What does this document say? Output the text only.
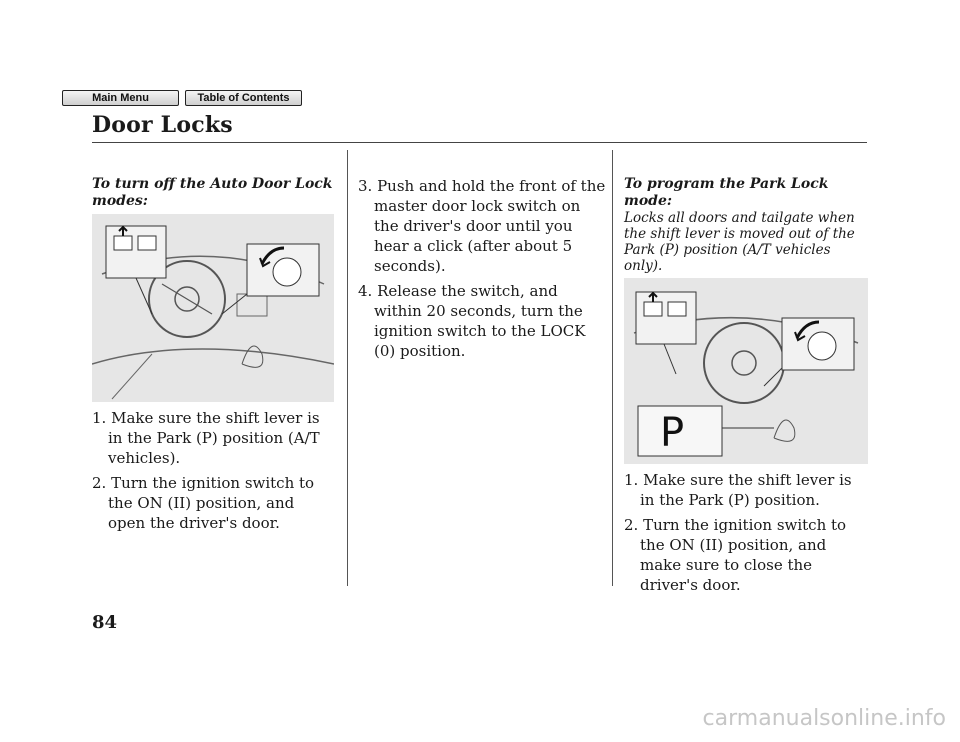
Main Menu	Table of Contents
Door Locks

To turn off the Auto Door Lock
modes:

1. Make sure the shift lever is in the Park (P) position (A/T vehicles).

2. Turn the ignition switch to the ON (II) position, and open the driver's door.

3. Push and hold the front of the master door lock switch on the driver's door until you hear a click (after about 5 seconds).

4. Release the switch, and within 20 seconds, turn the ignition switch to the LOCK (0) position.

To program the Park Lock mode:

Locks all doors and tailgate when the shift lever is moved out of the Park (P) position (A/T vehicles only).

P

1. Make sure the shift lever is in the Park (P) position.

2. Turn the ignition switch to the ON (II) position, and make sure to close the driver's door.

84
carmanualsonline.info
